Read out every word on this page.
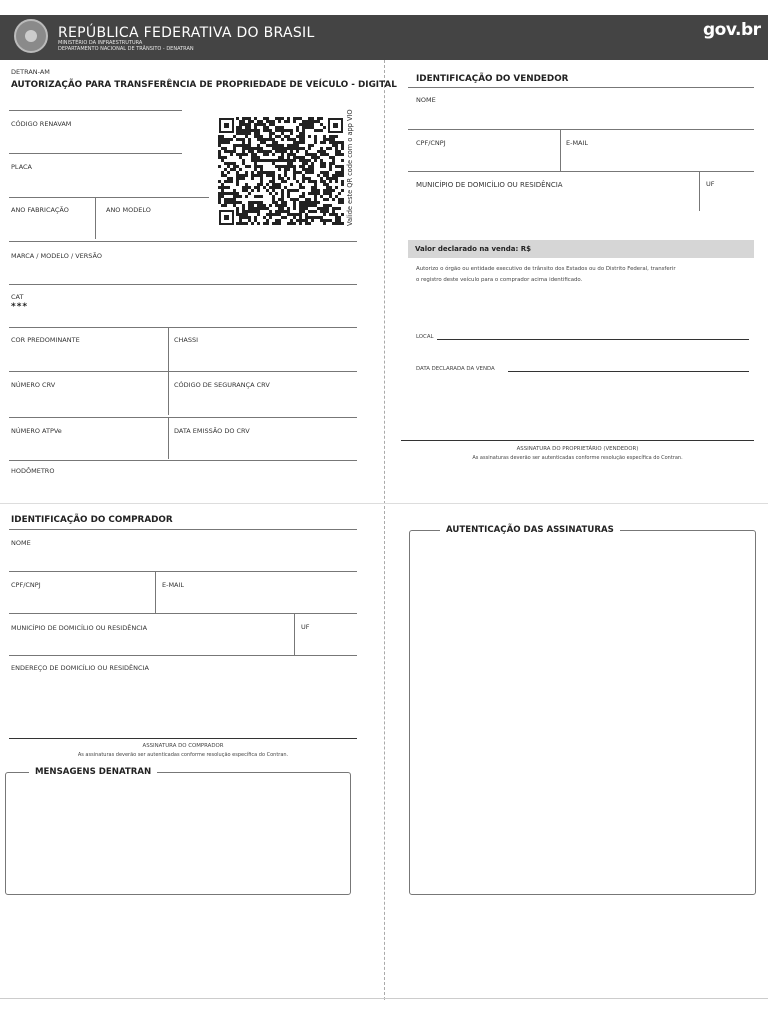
REPÚBLICA FEDERATIVA DO BRASIL
MINISTÉRIO DA INFRAESTRUTURA
DEPARTAMENTO NACIONAL DE TRÂNSITO - DENATRAN
gov.br
DETRAN-AM
AUTORIZAÇÃO PARA TRANSFERÊNCIA DE PROPRIEDADE DE VEÍCULO - DIGITAL
CÓDIGO RENAVAM
PLACA
ANO FABRICAÇÃO	ANO MODELO	Valide este QR code com o app VIO
MARCA / MODELO / VERSÃO
CAT
***
COR PREDOMINANTE	CHASSI
NÚMERO CRV	CÓDIGO DE SEGURANÇA CRV
NÚMERO ATPVe	DATA EMISSÃO DO CRV
HODÔMETRO
IDENTIFICAÇÃO DO VENDEDOR
NOME
CPF/CNPJ	E-MAIL
MUNICÍPIO DE DOMICÍLIO OU RESIDÊNCIA	UF
Valor declarado na venda: R$
Autorizo o órgão ou entidade executivo de trânsito dos Estados ou do Distrito Federal, transferir
o registro deste veículo para o comprador acima identificado.
LOCAL
DATA DECLARADA DA VENDA
ASSINATURA DO PROPRIETÁRIO (VENDEDOR)
As assinaturas deverão ser autenticadas conforme resolução específica do Contran.
IDENTIFICAÇÃO DO COMPRADOR
NOME
CPF/CNPJ	E-MAIL
MUNICÍPIO DE DOMICÍLIO OU RESIDÊNCIA	UF
ENDEREÇO DE DOMICÍLIO OU RESIDÊNCIA
ASSINATURA DO COMPRADOR
As assinaturas deverão ser autenticadas conforme resolução específica do Contran.
MENSAGENS DENATRAN
AUTENTICAÇÃO DAS ASSINATURAS
